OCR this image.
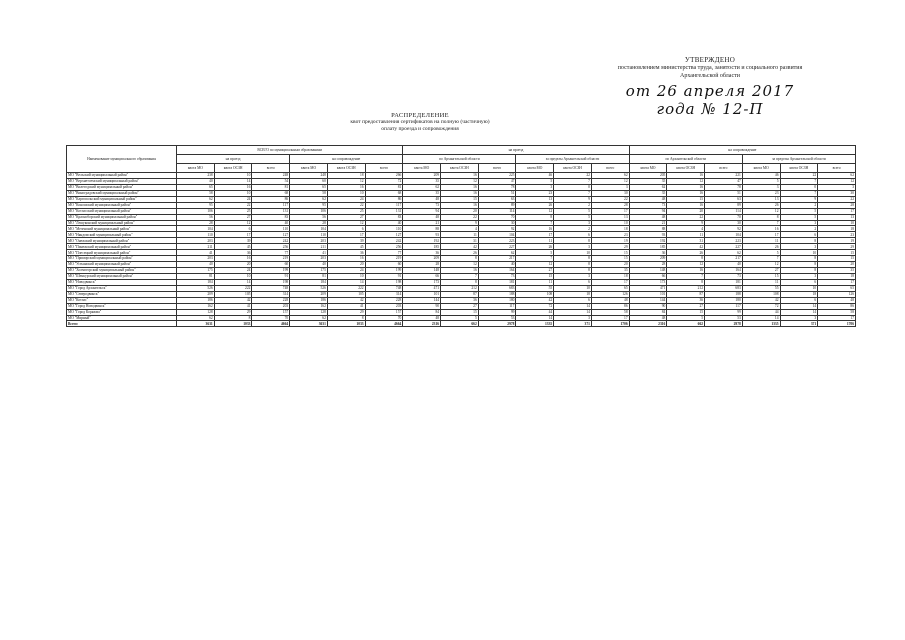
УТВЕРЖДЕНО
постановлением министерства труда, занятости и социального развития
Архангельской области
от 26 апреля 2017 года № 12-П
РАСПРЕДЕЛЕНИЕ
квот предоставления сертификатов на полную (частичную)
оплату проезда и сопровождения
Наименование муниципального образования	ВСЕГО по муниципальным образованиям						на проезд						на сопровождение					
	на проезд			на сопровождение			по Архангельской области			за пределы Архангельской области			по Архангельской области			за пределы Архангельской области		
	квота МО	квота ОСЗН	всего	квота МО	квота ОСЗН	всего	квота МО	квота ОСЗН	всего	квота МО	квота ОСЗН	всего	квота МО	квота ОСЗН	всего	квота МО	квота ОСЗН	всего
МО "Вельский муниципальный район"	238	10	248	248	18	266	209	16	225	46	22	62	205	16	221	46	22	62
МО "Верхнетоемский муниципальный район"	40	14	54	60	12	72	35	12	47	5	7	12	35	12	47	5	7	12
МО "Вилегодский муниципальный район"	65	16	81	65	16	81	62	16	78	3	0	3	62	16	78	3	0	3
МО "Виноградовский муниципальный район"	58	10	68	58	10	68	35	16	51	23	7	30	35	16	51	23	7	30
МО "Каргопольский муниципальный район"	62	24	86	62	24	86	48	15	63	13	9	22	48	15	63	13	9	22
МО "Коношский муниципальный район"	95	22	117	95	22	117	73	16	89	26	2	28	73	16	89	26	2	28
МО "Котласский муниципальный район"	106	25	131	106	25	131	94	20	114	12	5	17	94	20	114	12	5	17
МО "Красноборский муниципальный район"	56	27	83	56	27	83	48	22	70	8	5	13	48	22	70	8	5	13
МО "Лешуконский муниципальный район"	28	12	40	28	12	40	21	9	30	7	3	10	21	9	30	7	3	10
МО "Мезенский муниципальный район"	104	6	110	104	6	110	88	4	92	16	2	18	88	4	92	16	2	18
МО "Няндомский муниципальный район"	110	17	127	110	17	127	93	11	104	17	6	23	93	11	104	17	6	23
МО "Онежский муниципальный район"	203	39	242	203	39	242	192	31	223	11	8	19	192	31	223	11	8	19
МО "Пинежский муниципальный район"	211	45	256	211	45	256	185	42	227	26	3	29	185	42	227	26	3	29
МО "Плесецкий муниципальный район"	41	36	77	41	36	77	36	26	62	5	10	15	36	26	62	5	10	15
МО "Приморский муниципальный район"	203	16	219	203	16	219	209	8	217	7	8	15	209	8	217	7	8	15
МО "Устьянский муниципальный район"	40	20	60	40	20	60	28	12	40	12	8	20	28	12	40	12	8	20
МО "Холмогорский муниципальный район"	175	24	199	175	24	199	148	16	164	27	8	35	148	16	164	27	8	35
МО "Шенкурский муниципальный район"	81	10	91	81	10	91	66	7	73	15	3	18	66	7	73	15	3	18
МО "Новодвинск"	184	14	198	184	14	198	173	8	181	11	6	17	173	8	181	11	6	17
МО "Город Архангельск"	526	222	748	526	222	748	471	212	683	55	10	65	471	212	683	55	10	65
МО "Северодвинск"	209	105	314	209	105	314	101	87	188	108	18	126	101	87	188	108	18	126
МО "Котлас"	186	42	228	186	42	228	144	36	180	42	6	48	144	36	180	42	6	48
МО "Город Новодвинск"	162	41	203	162	41	203	90	27	117	72	14	86	90	27	117	72	14	86
МО "Город Коряжма"	128	29	157	128	29	157	84	15	99	44	14	58	84	15	99	44	14	58
МО "Мирный"	62	8	70	62	8	70	48	5	53	14	3	17	48	5	53	14	3	17
Всего:	3631	1033	4664	3631	1033	4664	2316	662	2978	1335	371	1706	2316	662	2978	1335	371	1706
